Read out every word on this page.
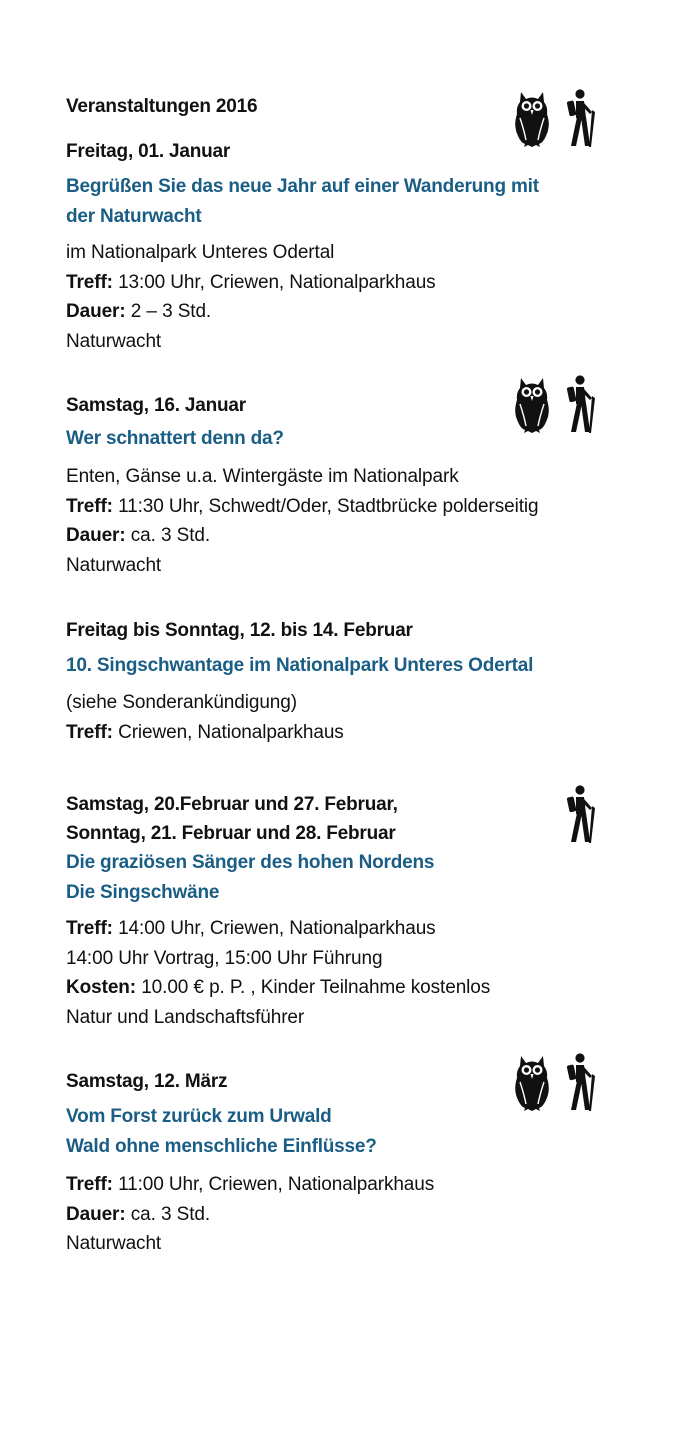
Veranstaltungen 2016
Freitag, 01. Januar
Begrüßen Sie das neue Jahr auf einer Wanderung mit
der Naturwacht
im Nationalpark Unteres Odertal
Treff: 13:00 Uhr, Criewen, Nationalparkhaus
Dauer: 2 – 3 Std.
Naturwacht
Samstag, 16. Januar
Wer schnattert denn da?
Enten, Gänse u.a. Wintergäste im Nationalpark
Treff: 11:30 Uhr, Schwedt/Oder, Stadtbrücke polderseitig
Dauer: ca. 3 Std.
Naturwacht
Freitag bis Sonntag, 12. bis 14. Februar
10. Singschwantage im Nationalpark Unteres Odertal
(siehe Sonderankündigung)
Treff: Criewen, Nationalparkhaus
Samstag, 20.Februar und 27. Februar,
Sonntag, 21. Februar und 28. Februar
Die graziösen Sänger des hohen Nordens
Die Singschwäne
Treff: 14:00 Uhr, Criewen, Nationalparkhaus
14:00 Uhr Vortrag, 15:00 Uhr Führung
Kosten: 10.00 € p. P. , Kinder Teilnahme kostenlos
Natur und Landschaftsführer
Samstag, 12. März
Vom Forst zurück zum Urwald
Wald ohne menschliche Einflüsse?
Treff: 11:00 Uhr, Criewen, Nationalparkhaus
Dauer: ca. 3 Std.
Naturwacht
